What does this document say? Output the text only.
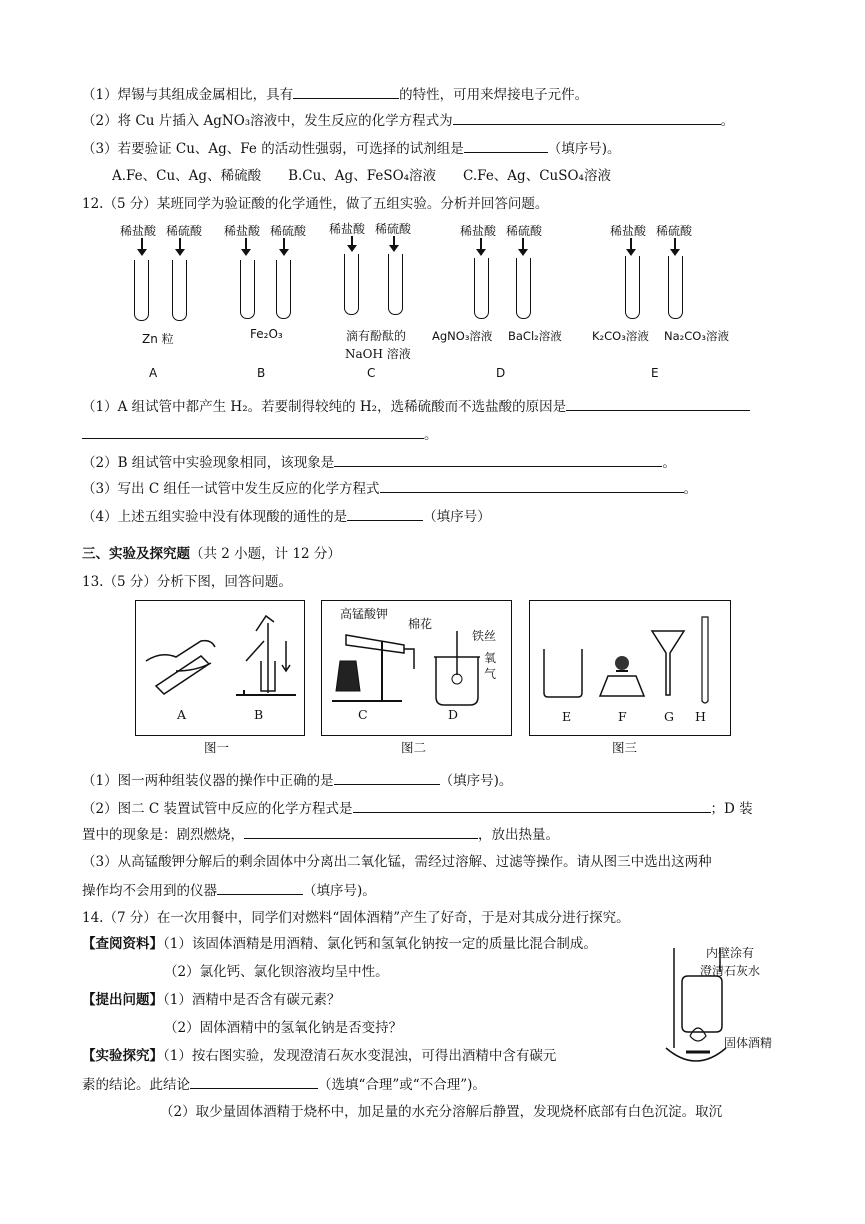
（1）焊锡与其组成金属相比，具有	的特性，可用来焊接电子元件。
（2）将 Cu 片插入 AgNO₃溶液中，发生反应的化学方程式为	。
（3）若要验证 Cu、Ag、Fe 的活动性强弱，可选择的试剂组是	（填序号)。
A.Fe、Cu、Ag、稀硫酸　　B.Cu、Ag、FeSO₄溶液　　C.Fe、Ag、CuSO₄溶液
12.（5 分）某班同学为验证酸的化学通性，做了五组实验。分析并回答问题。
稀盐酸 稀硫酸
Zn 粒
A
稀盐酸 稀硫酸
Fe₂O₃
B
稀盐酸 稀硫酸
滴有酚酞的
NaOH 溶液
C
稀盐酸 稀硫酸
AgNO₃溶液 BaCl₂溶液
D
稀盐酸 稀硫酸
K₂CO₃溶液 Na₂CO₃溶液
E
（1）A 组试管中都产生 H₂。若要制得较纯的 H₂，选稀硫酸而不选盐酸的原因是
。
（2）B 组试管中实验现象相同，该现象是	。
（3）写出 C 组任一试管中发生反应的化学方程式	。
（4）上述五组实验中没有体现酸的通性的是	（填序号）
三、实验及探究题（共 2 小题，计 12 分）
13.（5 分）分析下图，回答问题。
A	B
图一
高锰酸钾
棉花
铁丝
氧
气
C	D
图二
E	F	G H
图三
（1）图一两种组装仪器的操作中正确的是	（填序号)。
（2）图二 C 装置试管中反应的化学方程式是	；D 装
置中的现象是：剧烈燃烧，	，放出热量。
（3）从高锰酸钾分解后的剩余固体中分离出二氧化锰，需经过溶解、过滤等操作。请从图三中选出这两种
操作均不会用到的仪器	（填序号)。
14.（7 分）在一次用餐中，同学们对燃料“固体酒精”产生了好奇，于是对其成分进行探究。
【查阅资料】（1）该固体酒精是用酒精、氯化钙和氢氧化钠按一定的质量比混合制成。
（2）氯化钙、氯化钡溶液均呈中性。
【提出问题】（1）酒精中是否含有碳元素？
（2）固体酒精中的氢氧化钠是否变持？
【实验探究】（1）按右图实验，发现澄清石灰水变混浊，可得出酒精中含有碳元
素的结论。此结论	（选填“合理”或“不合理”)。
（2）取少量固体酒精于烧杯中，加足量的水充分溶解后静置，发现烧杯底部有白色沉淀。取沉
内壁涂有
澄清石灰水
固体酒精
